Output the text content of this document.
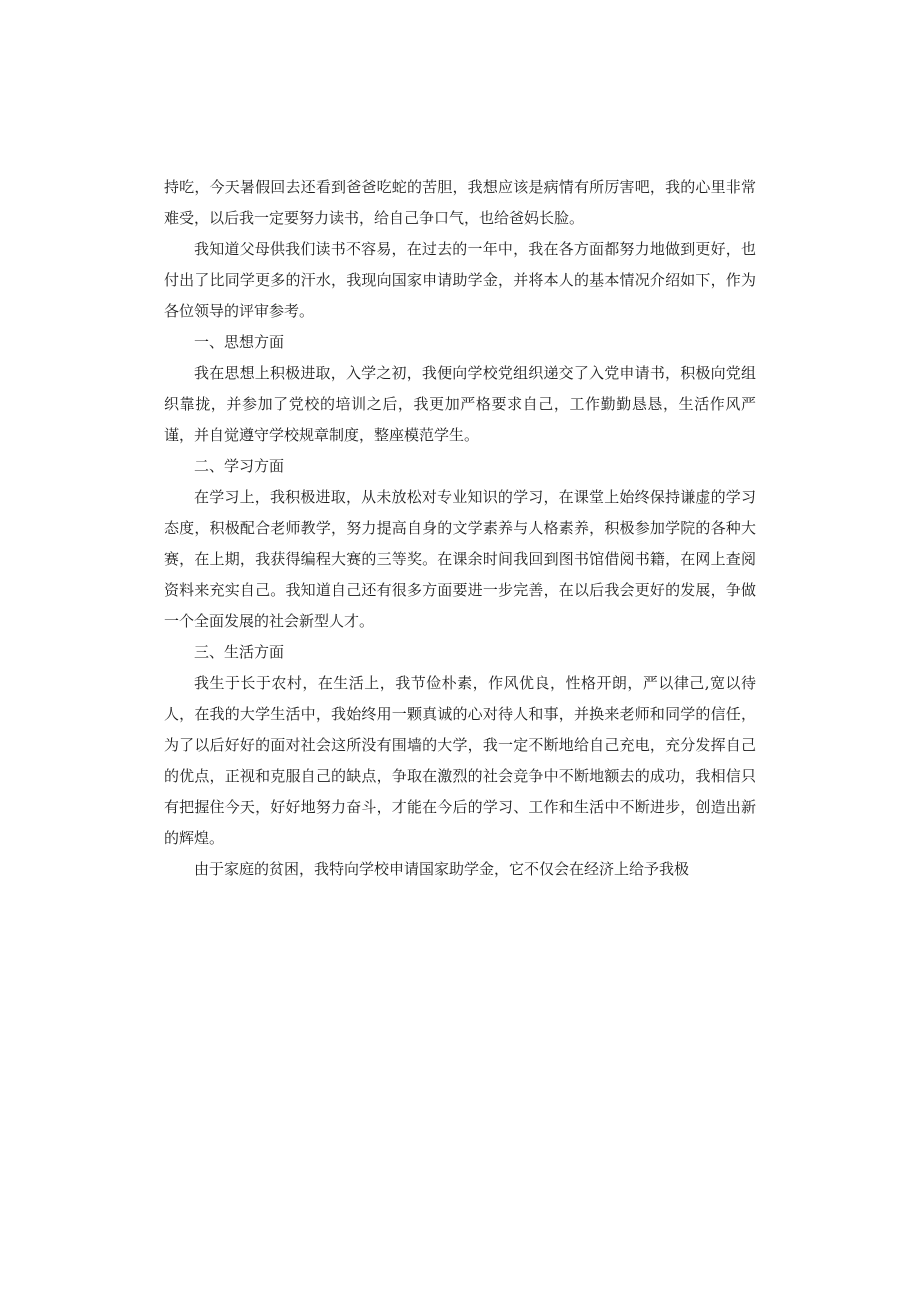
持吃，今天暑假回去还看到爸爸吃蛇的苦胆，我想应该是病情有所厉害吧，我的心里非常难受，以后我一定要努力读书，给自己争口气，也给爸妈长脸。

我知道父母供我们读书不容易，在过去的一年中，我在各方面都努力地做到更好，也付出了比同学更多的汗水，我现向国家申请助学金，并将本人的基本情况介绍如下，作为各位领导的评审参考。

一、思想方面

我在思想上积极进取，入学之初，我便向学校党组织递交了入党申请书，积极向党组织靠拢，并参加了党校的培训之后，我更加严格要求自己，工作勤勤恳恳，生活作风严谨，并自觉遵守学校规章制度，整座模范学生。

二、学习方面

在学习上，我积极进取，从未放松对专业知识的学习，在课堂上始终保持谦虚的学习态度，积极配合老师教学，努力提高自身的文学素养与人格素养，积极参加学院的各种大赛，在上期，我获得编程大赛的三等奖。在课余时间我回到图书馆借阅书籍，在网上查阅资料来充实自己。我知道自己还有很多方面要进一步完善，在以后我会更好的发展，争做一个全面发展的社会新型人才。

三、生活方面

我生于长于农村，在生活上，我节俭朴素，作风优良，性格开朗，严以律己,宽以待人，在我的大学生活中，我始终用一颗真诚的心对待人和事，并换来老师和同学的信任，为了以后好好的面对社会这所没有围墙的大学，我一定不断地给自己充电，充分发挥自己的优点，正视和克服自己的缺点，争取在激烈的社会竞争中不断地额去的成功，我相信只有把握住今天，好好地努力奋斗，才能在今后的学习、工作和生活中不断进步，创造出新的辉煌。

由于家庭的贫困，我特向学校申请国家助学金，它不仅会在经济上给予我极
